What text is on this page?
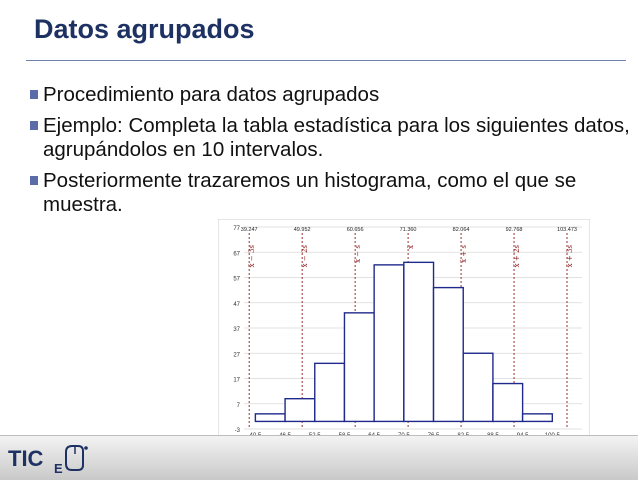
Datos agrupados
Procedimiento para datos agrupados
Ejemplo: Completa la tabla estadística para los siguientes datos, agrupándolos en 10 intervalos.
Posteriormente trazaremos un histograma, como el que se muestra.
-3
7
17
27
37
47
57
67
77 39.247
x̄ − 3s
49.952
x̄ − 2s
60.656
x̄ − s
71.360
x̄
82.064
x̄ + s
92.768
x̄ + 2s
103.473
x̄ + 3s
TIC E
